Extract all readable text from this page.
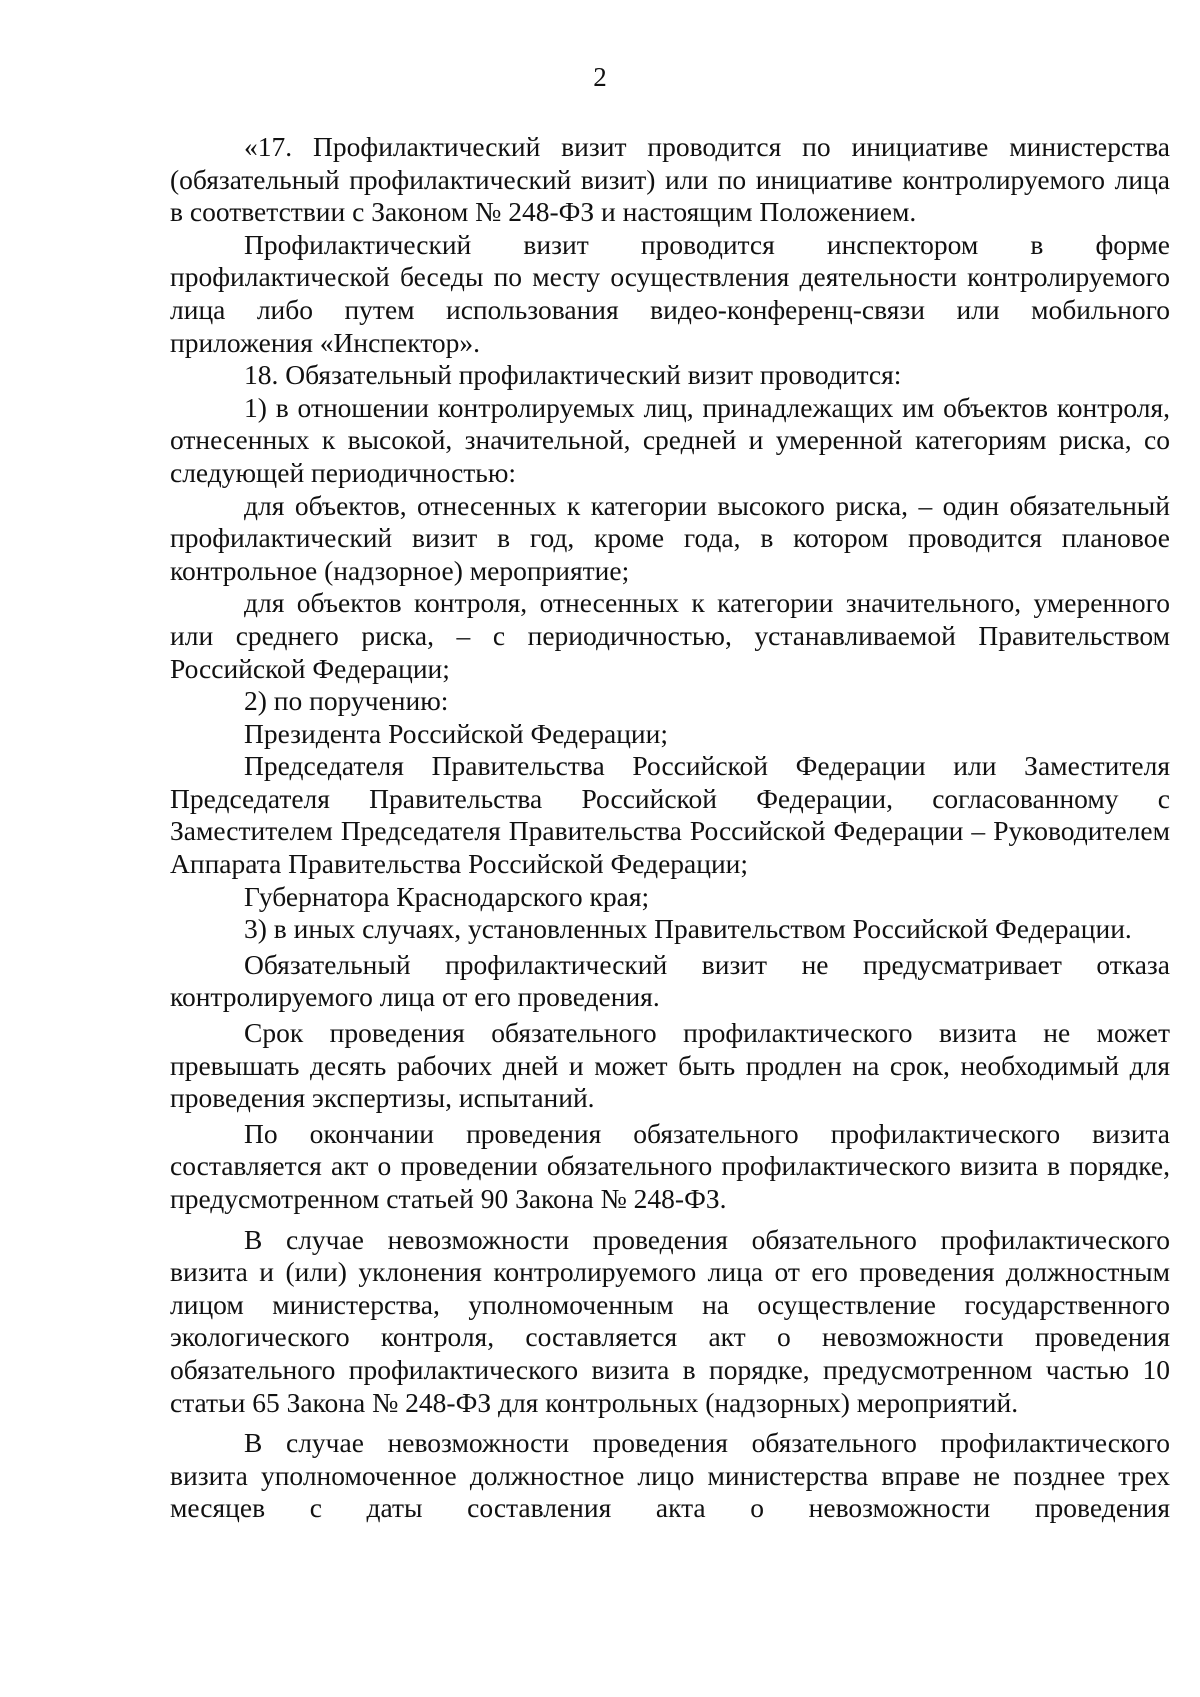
2

«17. Профилактический визит проводится по инициативе министерства (обязательный профилактический визит) или по инициативе контролируемого лица в соответствии с Законом № 248-ФЗ и настоящим Положением.

Профилактический визит проводится инспектором в форме профилактической беседы по месту осуществления деятельности контролируемого лица либо путем использования видео-конференц-связи или мобильного приложения «Инспектор».

18. Обязательный профилактический визит проводится:

1) в отношении контролируемых лиц, принадлежащих им объектов контроля, отнесенных к высокой, значительной, средней и умеренной категориям риска, со следующей периодичностью:

для объектов, отнесенных к категории высокого риска, – один обязательный профилактический визит в год, кроме года, в котором проводится плановое контрольное (надзорное) мероприятие;

для объектов контроля, отнесенных к категории значительного, умеренного или среднего риска, – с периодичностью, устанавливаемой Правительством Российской Федерации;

2) по поручению:

Президента Российской Федерации;

Председателя Правительства Российской Федерации или Заместителя Председателя Правительства Российской Федерации, согласованному с Заместителем Председателя Правительства Российской Федерации – Руководителем Аппарата Правительства Российской Федерации;

Губернатора Краснодарского края;

3) в иных случаях, установленных Правительством Российской Федерации.

Обязательный профилактический визит не предусматривает отказа контролируемого лица от его проведения.

Срок проведения обязательного профилактического визита не может превышать десять рабочих дней и может быть продлен на срок, необходимый для проведения экспертизы, испытаний.

По окончании проведения обязательного профилактического визита составляется акт о проведении обязательного профилактического визита в порядке, предусмотренном статьей 90 Закона № 248-ФЗ.

В случае невозможности проведения обязательного профилактического визита и (или) уклонения контролируемого лица от его проведения должностным лицом министерства, уполномоченным на осуществление государственного экологического контроля, составляется акт о невозможности проведения обязательного профилактического визита в порядке, предусмотренном частью 10 статьи 65 Закона № 248-ФЗ для контрольных (надзорных) мероприятий.

В случае невозможности проведения обязательного профилактического визита уполномоченное должностное лицо министерства вправе не позднее трех месяцев с даты составления акта о невозможности проведения
